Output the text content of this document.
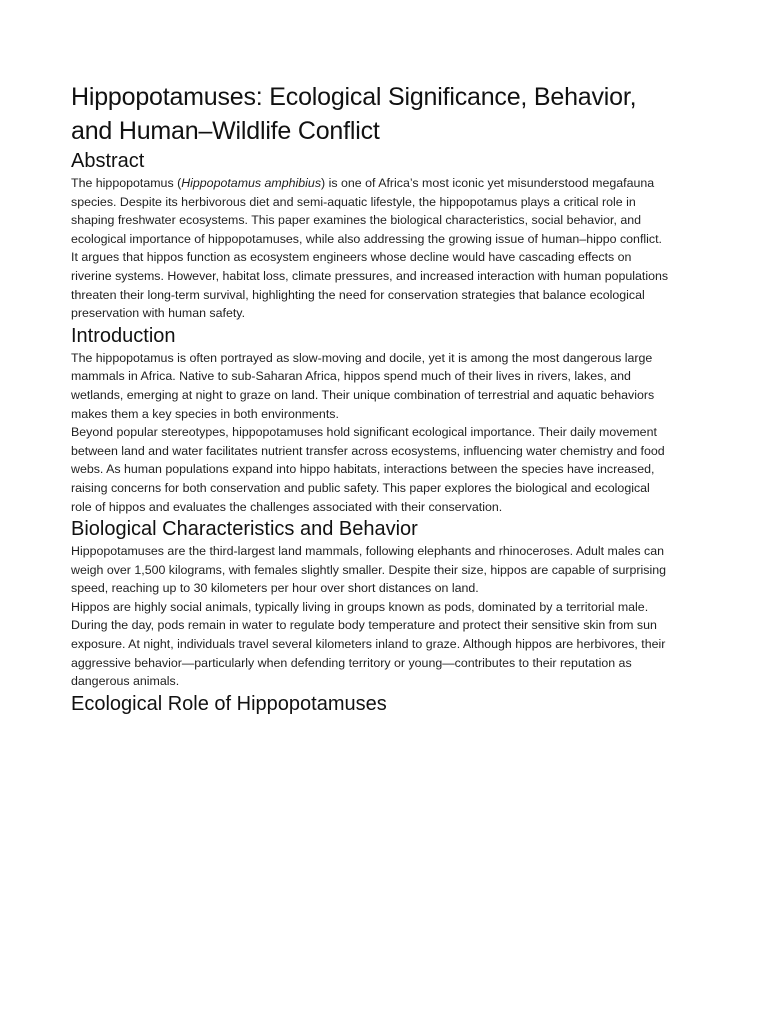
Hippopotamuses: Ecological Significance, Behavior, and Human–Wildlife Conflict
Abstract

The hippopotamus (Hippopotamus amphibius) is one of Africa’s most iconic yet misunderstood megafauna species. Despite its herbivorous diet and semi-aquatic lifestyle, the hippopotamus plays a critical role in shaping freshwater ecosystems. This paper examines the biological characteristics, social behavior, and ecological importance of hippopotamuses, while also addressing the growing issue of human–hippo conflict. It argues that hippos function as ecosystem engineers whose decline would have cascading effects on riverine systems. However, habitat loss, climate pressures, and increased interaction with human populations threaten their long-term survival, highlighting the need for conservation strategies that balance ecological preservation with human safety.

Introduction

The hippopotamus is often portrayed as slow-moving and docile, yet it is among the most dangerous large mammals in Africa. Native to sub-Saharan Africa, hippos spend much of their lives in rivers, lakes, and wetlands, emerging at night to graze on land. Their unique combination of terrestrial and aquatic behaviors makes them a key species in both environments.

Beyond popular stereotypes, hippopotamuses hold significant ecological importance. Their daily movement between land and water facilitates nutrient transfer across ecosystems, influencing water chemistry and food webs. As human populations expand into hippo habitats, interactions between the species have increased, raising concerns for both conservation and public safety. This paper explores the biological and ecological role of hippos and evaluates the challenges associated with their conservation.

Biological Characteristics and Behavior

Hippopotamuses are the third-largest land mammals, following elephants and rhinoceroses. Adult males can weigh over 1,500 kilograms, with females slightly smaller. Despite their size, hippos are capable of surprising speed, reaching up to 30 kilometers per hour over short distances on land.

Hippos are highly social animals, typically living in groups known as pods, dominated by a territorial male. During the day, pods remain in water to regulate body temperature and protect their sensitive skin from sun exposure. At night, individuals travel several kilometers inland to graze. Although hippos are herbivores, their aggressive behavior—particularly when defending territory or young—contributes to their reputation as dangerous animals.

Ecological Role of Hippopotamuses
